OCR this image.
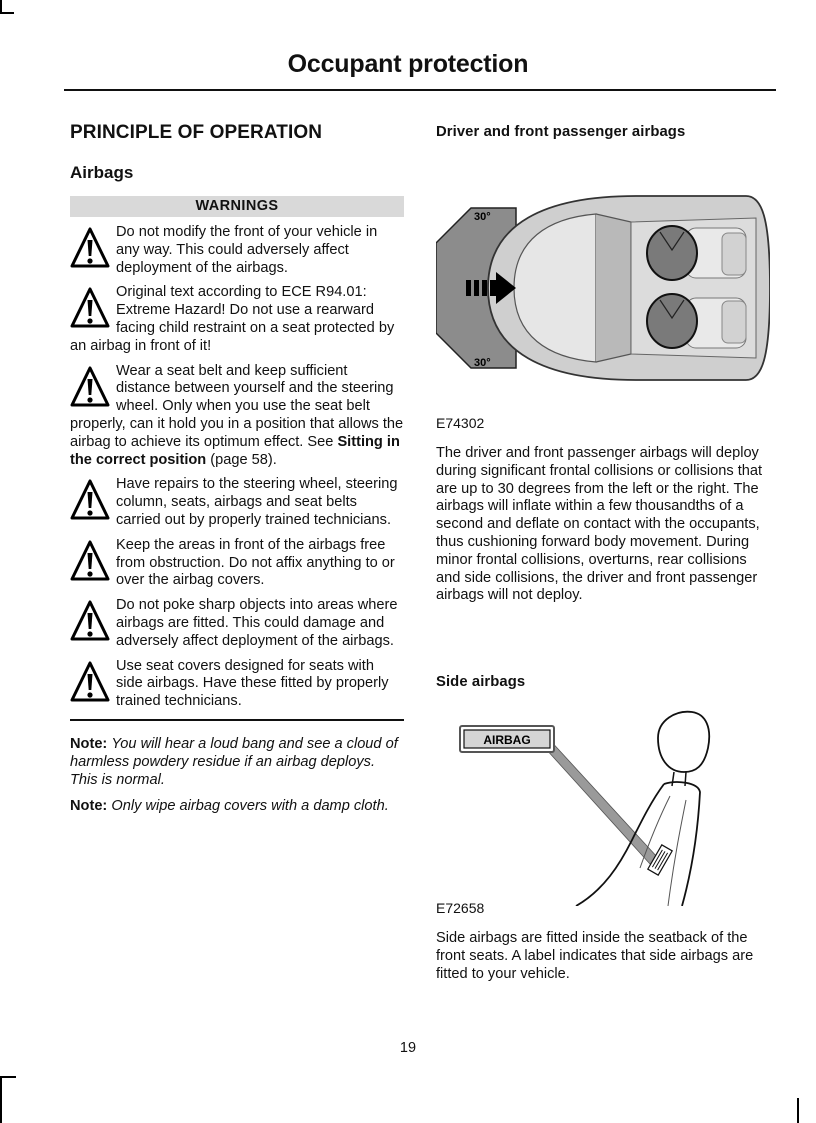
Occupant protection
PRINCIPLE OF OPERATION
Airbags
WARNINGS

Do not modify the front of your vehicle in any way. This could adversely affect deployment of the airbags.

Original text according to ECE R94.01: Extreme Hazard! Do not use a rearward facing child restraint on a seat protected by an airbag in front of it!

Wear a seat belt and keep sufficient distance between yourself and the steering wheel. Only when you use the seat belt properly, can it hold you in a position that allows the airbag to achieve its optimum effect. See Sitting in the correct position (page 58).

Have repairs to the steering wheel, steering column, seats, airbags and seat belts carried out by properly trained technicians.

Keep the areas in front of the airbags free from obstruction. Do not affix anything to or over the airbag covers.

Do not poke sharp objects into areas where airbags are fitted. This could damage and adversely affect deployment of the airbags.

Use seat covers designed for seats with side airbags. Have these fitted by properly trained technicians.

Note: You will hear a loud bang and see a cloud of harmless powdery residue if an airbag deploys. This is normal.

Note: Only wipe airbag covers with a damp cloth.

Driver and front passenger airbags
30°
30°
E74302

The driver and front passenger airbags will deploy during significant frontal collisions or collisions that are up to 30 degrees from the left or the right. The airbags will inflate within a few thousandths of a second and deflate on contact with the occupants, thus cushioning forward body movement. During minor frontal collisions, overturns, rear collisions and side collisions, the driver and front passenger airbags will not deploy.

Side airbags
AIRBAG
E72658

Side airbags are fitted inside the seatback of the front seats. A label indicates that side airbags are fitted to your vehicle.

19
